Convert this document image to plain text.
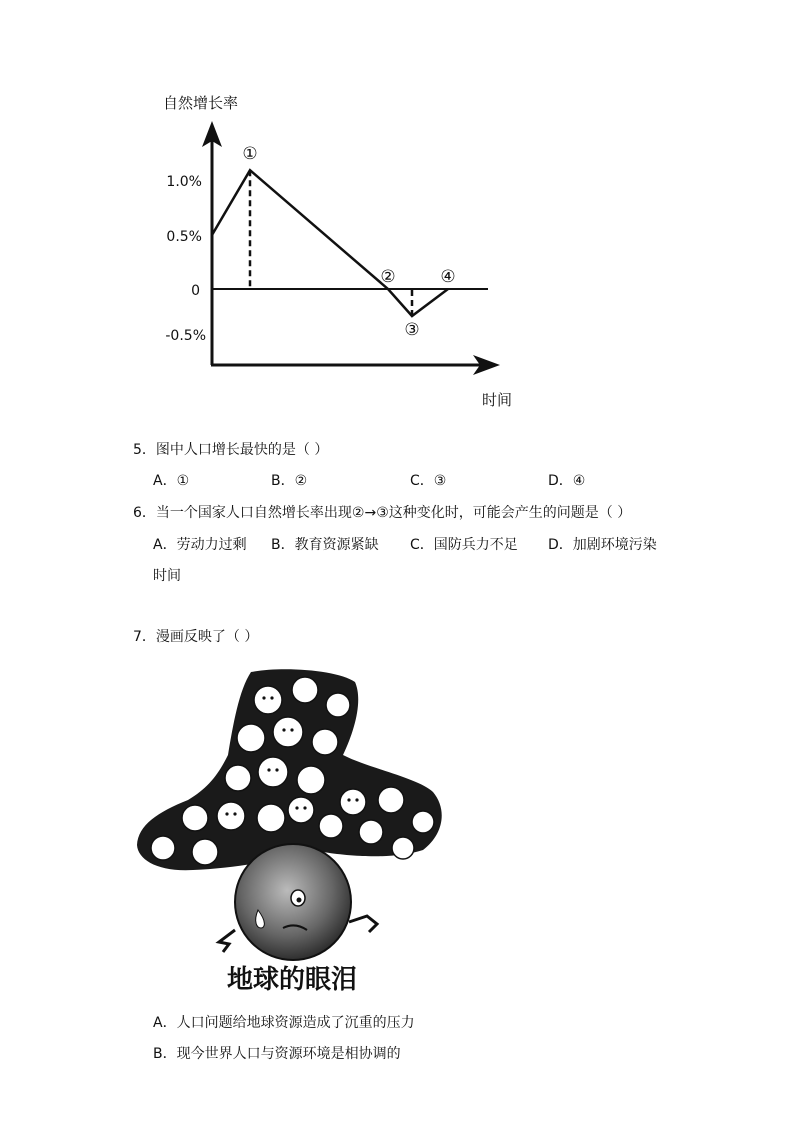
自然增长率
时间
1.0%
0.5%
0
-0.5%
①
②
③
④
5．图中人口增长最快的是（ ）
A．①	B．②	C．③	D．④
6．当一个国家人口自然增长率出现②→③这种变化时，可能会产生的问题是（ ）
A．劳动力过剩 B．教育资源紧缺 C．国防兵力不足 D．加剧环境污染
时间
7．漫画反映了（ ）
地球的眼泪
A．人口问题给地球资源造成了沉重的压力
B．现今世界人口与资源环境是相协调的
